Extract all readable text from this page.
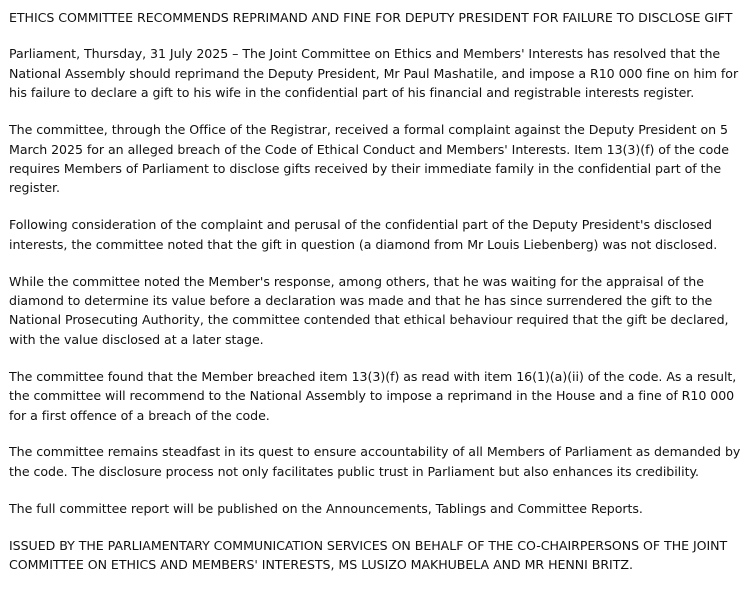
ETHICS COMMITTEE RECOMMENDS REPRIMAND AND FINE FOR DEPUTY PRESIDENT FOR FAILURE TO DISCLOSE GIFT

Parliament, Thursday, 31 July 2025 – The Joint Committee on Ethics and Members' Interests has resolved that the National Assembly should reprimand the Deputy President, Mr Paul Mashatile, and impose a R10 000 fine on him for his failure to declare a gift to his wife in the confidential part of his financial and registrable interests register.

The committee, through the Office of the Registrar, received a formal complaint against the Deputy President on 5 March 2025 for an alleged breach of the Code of Ethical Conduct and Members' Interests. Item 13(3)(f) of the code requires Members of Parliament to disclose gifts received by their immediate family in the confidential part of the register.

Following consideration of the complaint and perusal of the confidential part of the Deputy President's disclosed interests, the committee noted that the gift in question (a diamond from Mr Louis Liebenberg) was not disclosed.

While the committee noted the Member's response, among others, that he was waiting for the appraisal of the diamond to determine its value before a declaration was made and that he has since surrendered the gift to the National Prosecuting Authority, the committee contended that ethical behaviour required that the gift be declared, with the value disclosed at a later stage.

The committee found that the Member breached item 13(3)(f) as read with item 16(1)(a)(ii) of the code. As a result, the committee will recommend to the National Assembly to impose a reprimand in the House and a fine of R10 000 for a first offence of a breach of the code.

The committee remains steadfast in its quest to ensure accountability of all Members of Parliament as demanded by the code. The disclosure process not only facilitates public trust in Parliament but also enhances its credibility.

The full committee report will be published on the Announcements, Tablings and Committee Reports.

ISSUED BY THE PARLIAMENTARY COMMUNICATION SERVICES ON BEHALF OF THE CO-CHAIRPERSONS OF THE JOINT COMMITTEE ON ETHICS AND MEMBERS' INTERESTS, MS LUSIZO MAKHUBELA AND MR HENNI BRITZ.
